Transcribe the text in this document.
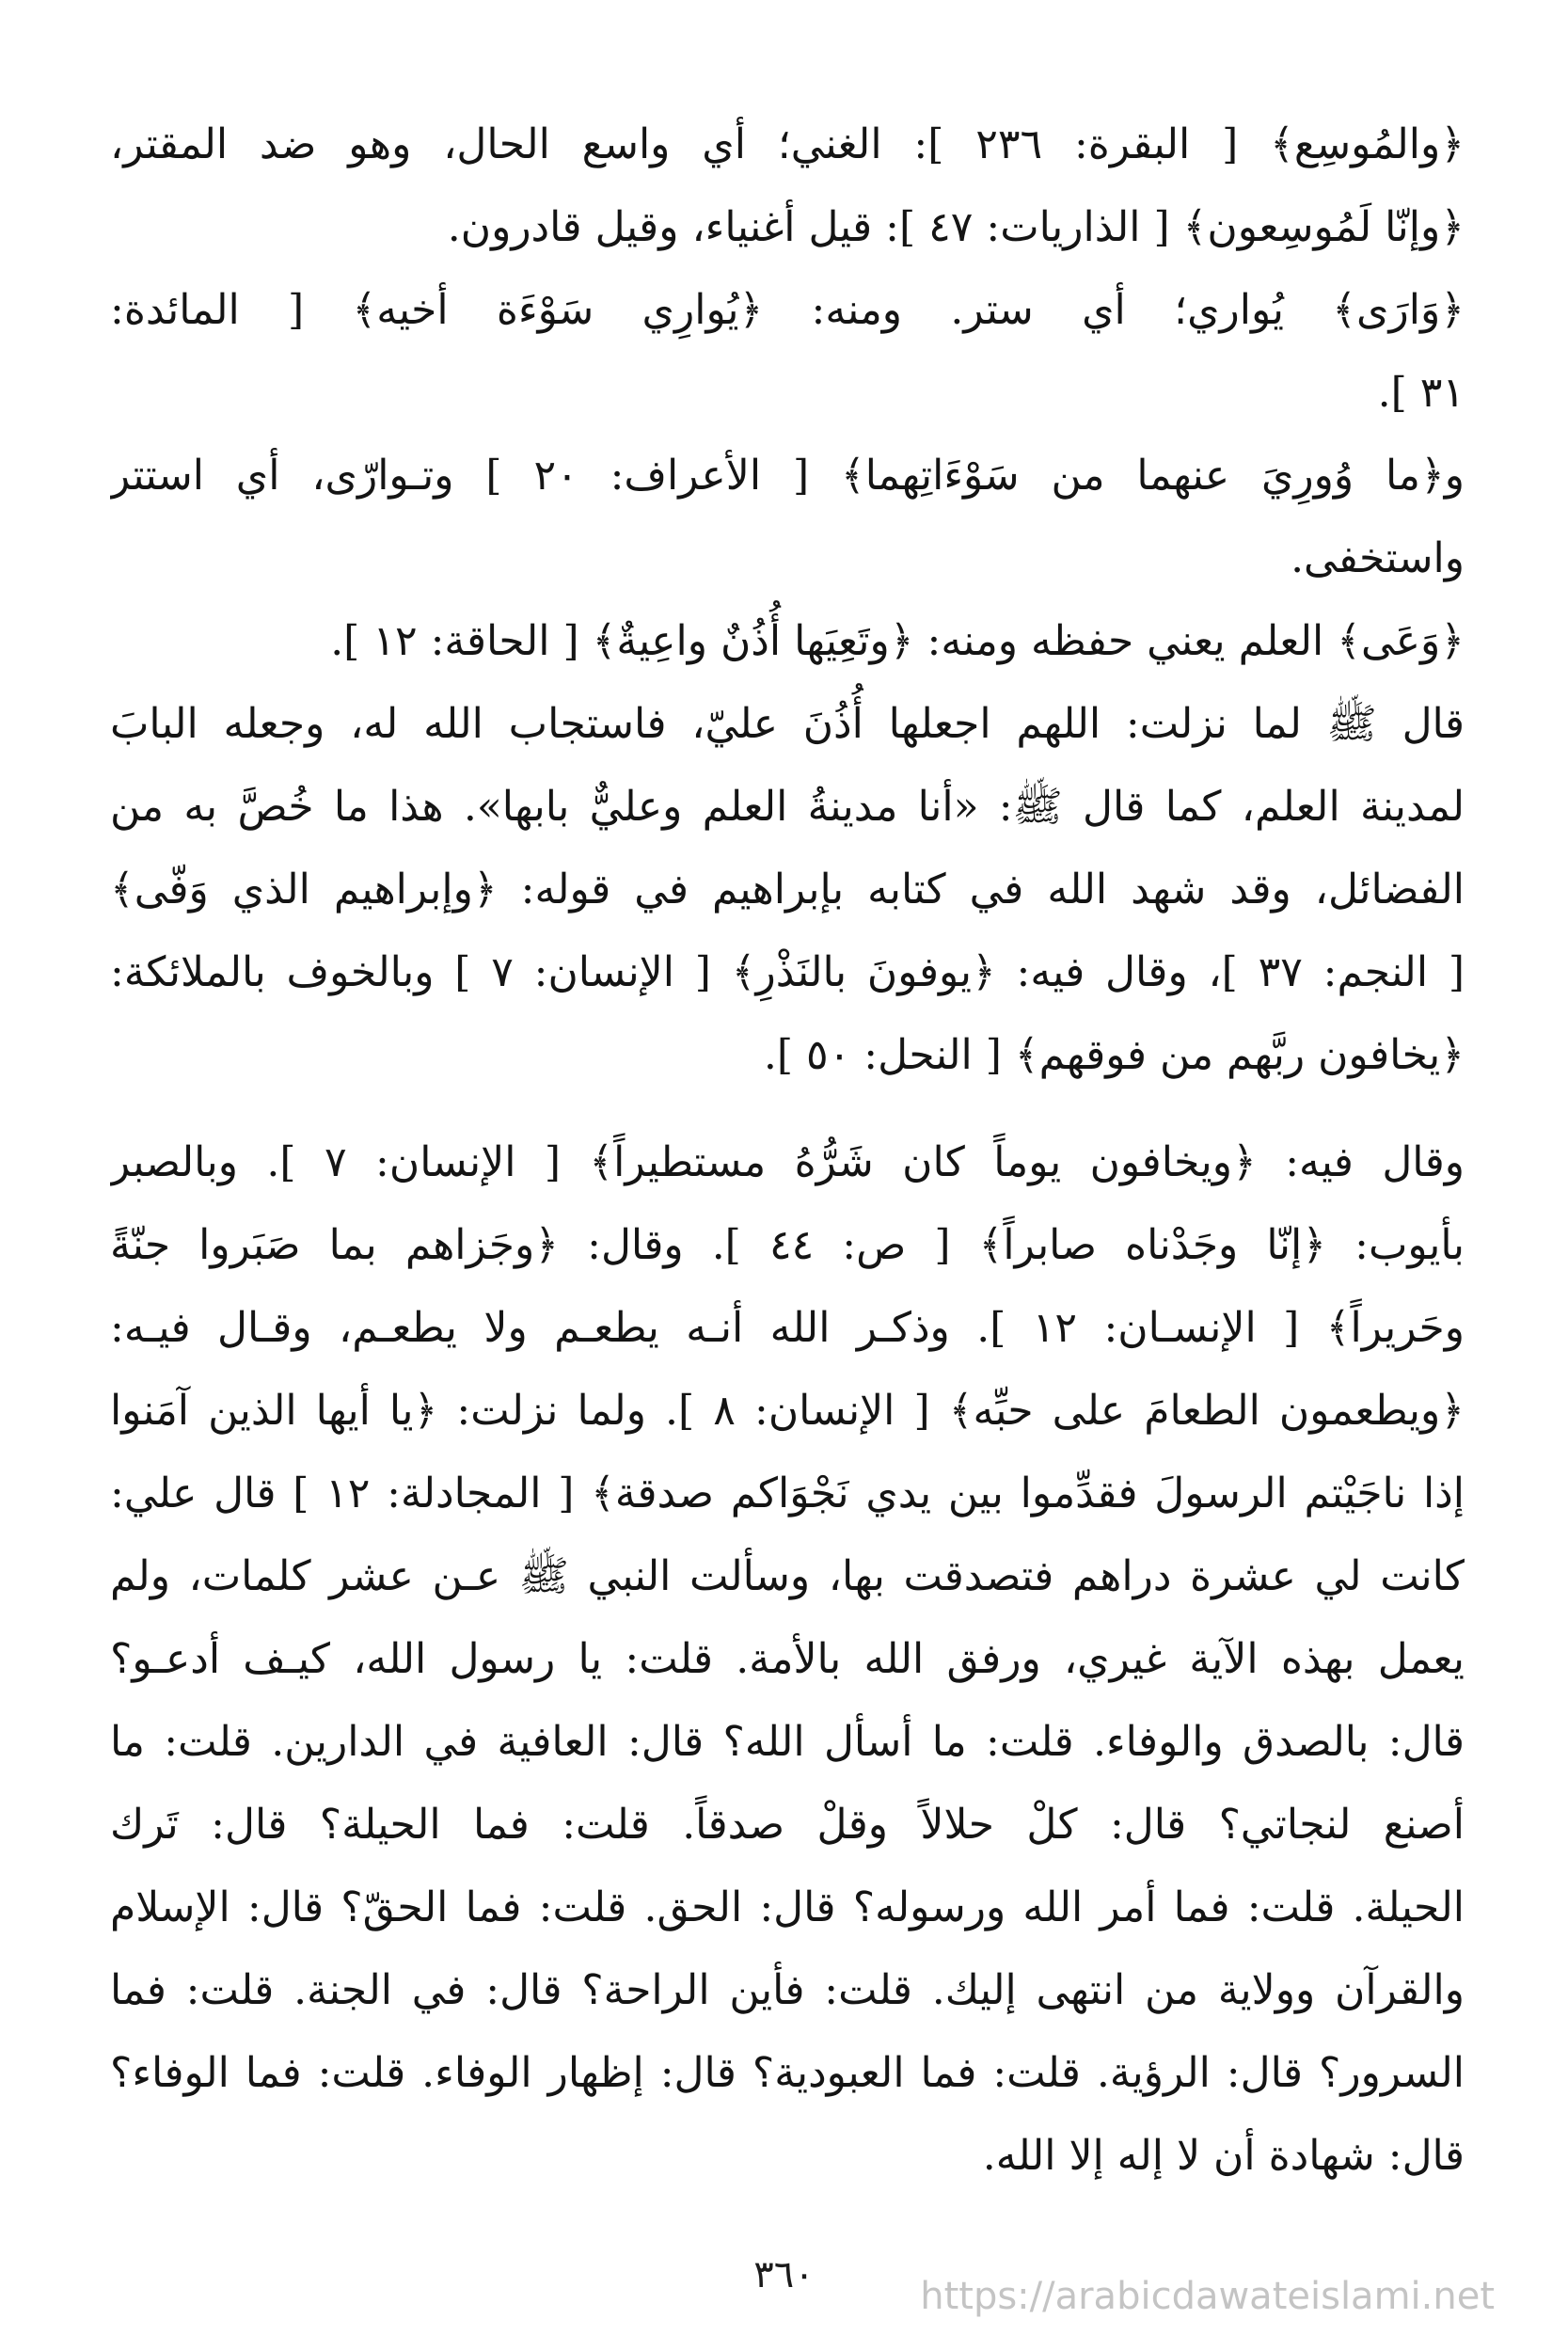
﴿والمُوسِع﴾ [ البقرة: ٢٣٦ ]: الغني؛ أي واسع الحال، وهو ضد المقتر،
﴿وإنّا لَمُوسِعون﴾ [ الذاريات: ٤٧ ]: قيل أغنياء، وقيل قادرون.
﴿وَارَى﴾ يُواري؛ أي ستر. ومنه: ﴿يُوارِي سَوْءَة أخيه﴾ [ المائدة:
٣١ ].
و﴿ما وُورِيَ عنهما من سَوْءَاتِهما﴾ [ الأعراف: ٢٠ ] وتـوارّى، أي استتر
واستخفى.
﴿وَعَى﴾ العلم يعني حفظه ومنه: ﴿وتَعِيَها أُذُنٌ واعِيةٌ﴾ [ الحاقة: ١٢ ].
قال ﷺ لما نزلت: اللهم اجعلها أُذُنَ عليّ، فاستجاب الله له، وجعله البابَ
لمدينة العلم، كما قال ﷺ: «أنا مدينةُ العلم وعليٌّ بابها». هذا ما خُصَّ به من
الفضائل، وقد شهد الله في كتابه بإبراهيم في قوله: ﴿وإبراهيم الذي وَفّى﴾
[ النجم: ٣٧ ]، وقال فيه: ﴿يوفونَ بالنَذْرِ﴾ [ الإنسان: ٧ ] وبالخوف بالملائكة:
﴿يخافون ربَّهم من فوقهم﴾ [ النحل: ٥٠ ].
وقال فيه: ﴿ويخافون يوماً كان شَرُّهُ مستطيراً﴾ [ الإنسان: ٧ ]. وبالصبر
بأيوب: ﴿إنّا وجَدْناه صابراً﴾ [ ص: ٤٤ ]. وقال: ﴿وجَزاهم بما صَبَروا جنّةً
وحَريراً﴾ [ الإنسـان: ١٢ ]. وذكـر الله أنـه يطعـم ولا يطعـم، وقـال فيـه:
﴿ويطعمون الطعامَ على حبِّه﴾ [ الإنسان: ٨ ]. ولما نزلت: ﴿يا أيها الذين آمَنوا
إذا ناجَيْتم الرسولَ فقدِّموا بين يدي نَجْوَاكم صدقة﴾ [ المجادلة: ١٢ ] قال علي:
كانت لي عشرة دراهم فتصدقت بها، وسألت النبي ﷺ عـن عشر كلمات، ولم
يعمل بهذه الآية غيري، ورفق الله بالأمة. قلت: يا رسول الله، كيـف أدعـو؟
قال: بالصدق والوفاء. قلت: ما أسأل الله؟ قال: العافية في الدارين. قلت: ما
أصنع لنجاتي؟ قال: كلْ حلالاً وقلْ صدقاً. قلت: فما الحيلة؟ قال: تَرك
الحيلة. قلت: فما أمر الله ورسوله؟ قال: الحق. قلت: فما الحقّ؟ قال: الإسلام
والقرآن وولاية من انتهى إليك. قلت: فأين الراحة؟ قال: في الجنة. قلت: فما
السرور؟ قال: الرؤية. قلت: فما العبودية؟ قال: إظهار الوفاء. قلت: فما الوفاء؟
قال: شهادة أن لا إله إلا الله.
٣٦٠	https://arabicdawateislami.net
